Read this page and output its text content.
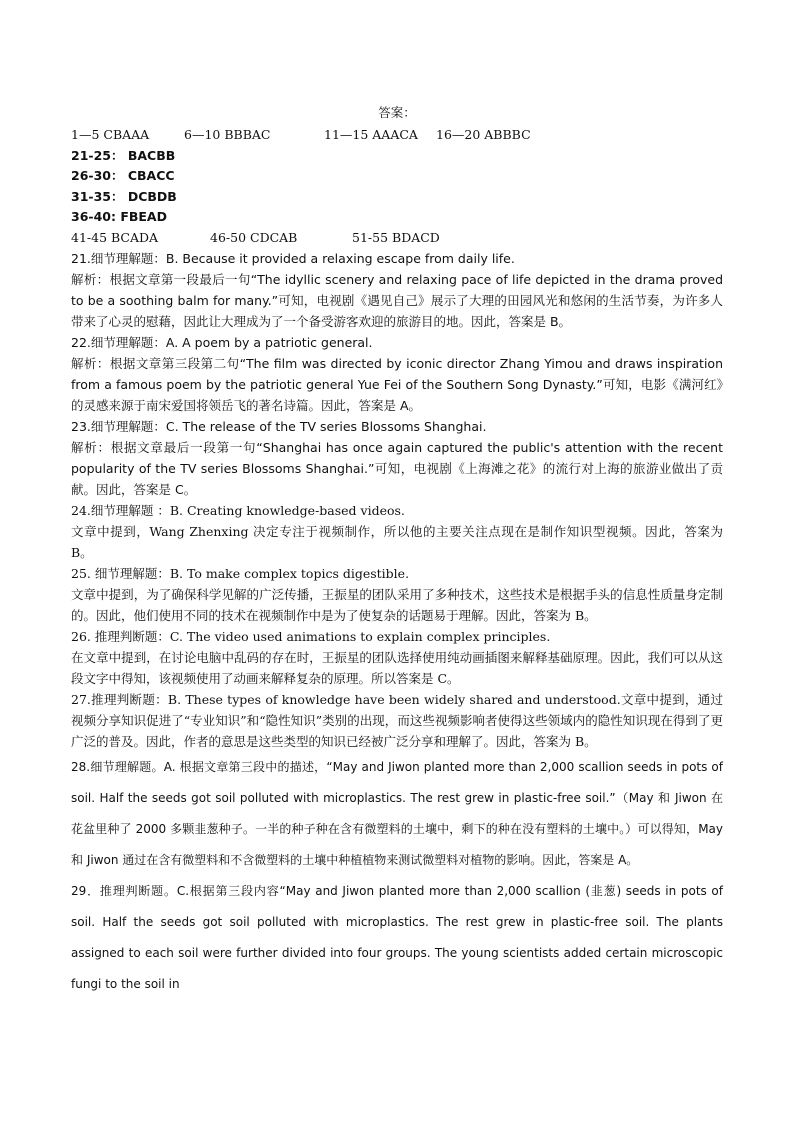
答案：
1—5 CBAAA	6—10 BBBAC	11—15 AAACA	16—20 ABBBC
21-25： BACBB
26-30： CBACC
31-35： DCBDB
36-40: FBEAD
41-45 BCADA	46-50 CDCAB	51-55 BDACD
21.细节理解题：B. Because it provided a relaxing escape from daily life.
解析：根据文章第一段最后一句“The idyllic scenery and relaxing pace of life depicted in the drama proved to be a soothing balm for many.”可知，电视剧《遇见自己》展示了大理的田园风光和悠闲的生活节奏，为许多人带来了心灵的慰藉，因此让大理成为了一个备受游客欢迎的旅游目的地。因此，答案是 B。
22.细节理解题：A. A poem by a patriotic general.
解析：根据文章第三段第二句“The film was directed by iconic director Zhang Yimou and draws inspiration from a famous poem by the patriotic general Yue Fei of the Southern Song Dynasty.”可知，电影《满河红》的灵感来源于南宋爱国将领岳飞的著名诗篇。因此，答案是 A。
23.细节理解题：C. The release of the TV series Blossoms Shanghai.
解析：根据文章最后一段第一句“Shanghai has once again captured the public's attention with the recent popularity of the TV series Blossoms Shanghai.”可知，电视剧《上海滩之花》的流行对上海的旅游业做出了贡献。因此，答案是 C。
24.细节理解题 ：B. Creating knowledge-based videos.
文章中提到，Wang Zhenxing 决定专注于视频制作，所以他的主要关注点现在是制作知识型视频。因此，答案为 B。
25. 细节理解题：B. To make complex topics digestible.
文章中提到，为了确保科学见解的广泛传播，王振星的团队采用了多种技术，这些技术是根据手头的信息性质量身定制的。因此，他们使用不同的技术在视频制作中是为了使复杂的话题易于理解。因此，答案为 B。
26. 推理判断题：C. The video used animations to explain complex principles.
在文章中提到，在讨论电脑中乱码的存在时，王振星的团队选择使用纯动画插图来解释基础原理。因此，我们可以从这段文字中得知，该视频使用了动画来解释复杂的原理。所以答案是 C。
27.推理判断题：B. These types of knowledge have been widely shared and understood.文章中提到，通过视频分享知识促进了“专业知识”和“隐性知识”类别的出现，而这些视频影响者使得这些领域内的隐性知识现在得到了更广泛的普及。因此，作者的意思是这些类型的知识已经被广泛分享和理解了。因此，答案为 B。
28.细节理解题。A. 根据文章第三段中的描述，“May and Jiwon planted more than 2,000 scallion seeds in pots of soil. Half the seeds got soil polluted with microplastics. The rest grew in plastic-free soil.”（May 和 Jiwon 在花盆里种了 2000 多颗韭葱种子。一半的种子种在含有微塑料的土壤中，剩下的种在没有塑料的土壤中。）可以得知，May 和 Jiwon 通过在含有微塑料和不含微塑料的土壤中种植植物来测试微塑料对植物的影响。因此，答案是 A。
29．推理判断题。C.根据第三段内容“May and Jiwon planted more than 2,000 scallion (韭葱) seeds in pots of soil. Half the seeds got soil polluted with microplastics. The rest grew in plastic-free soil. The plants assigned to each soil were further divided into four groups. The young scientists added certain microscopic fungi to the soil in
